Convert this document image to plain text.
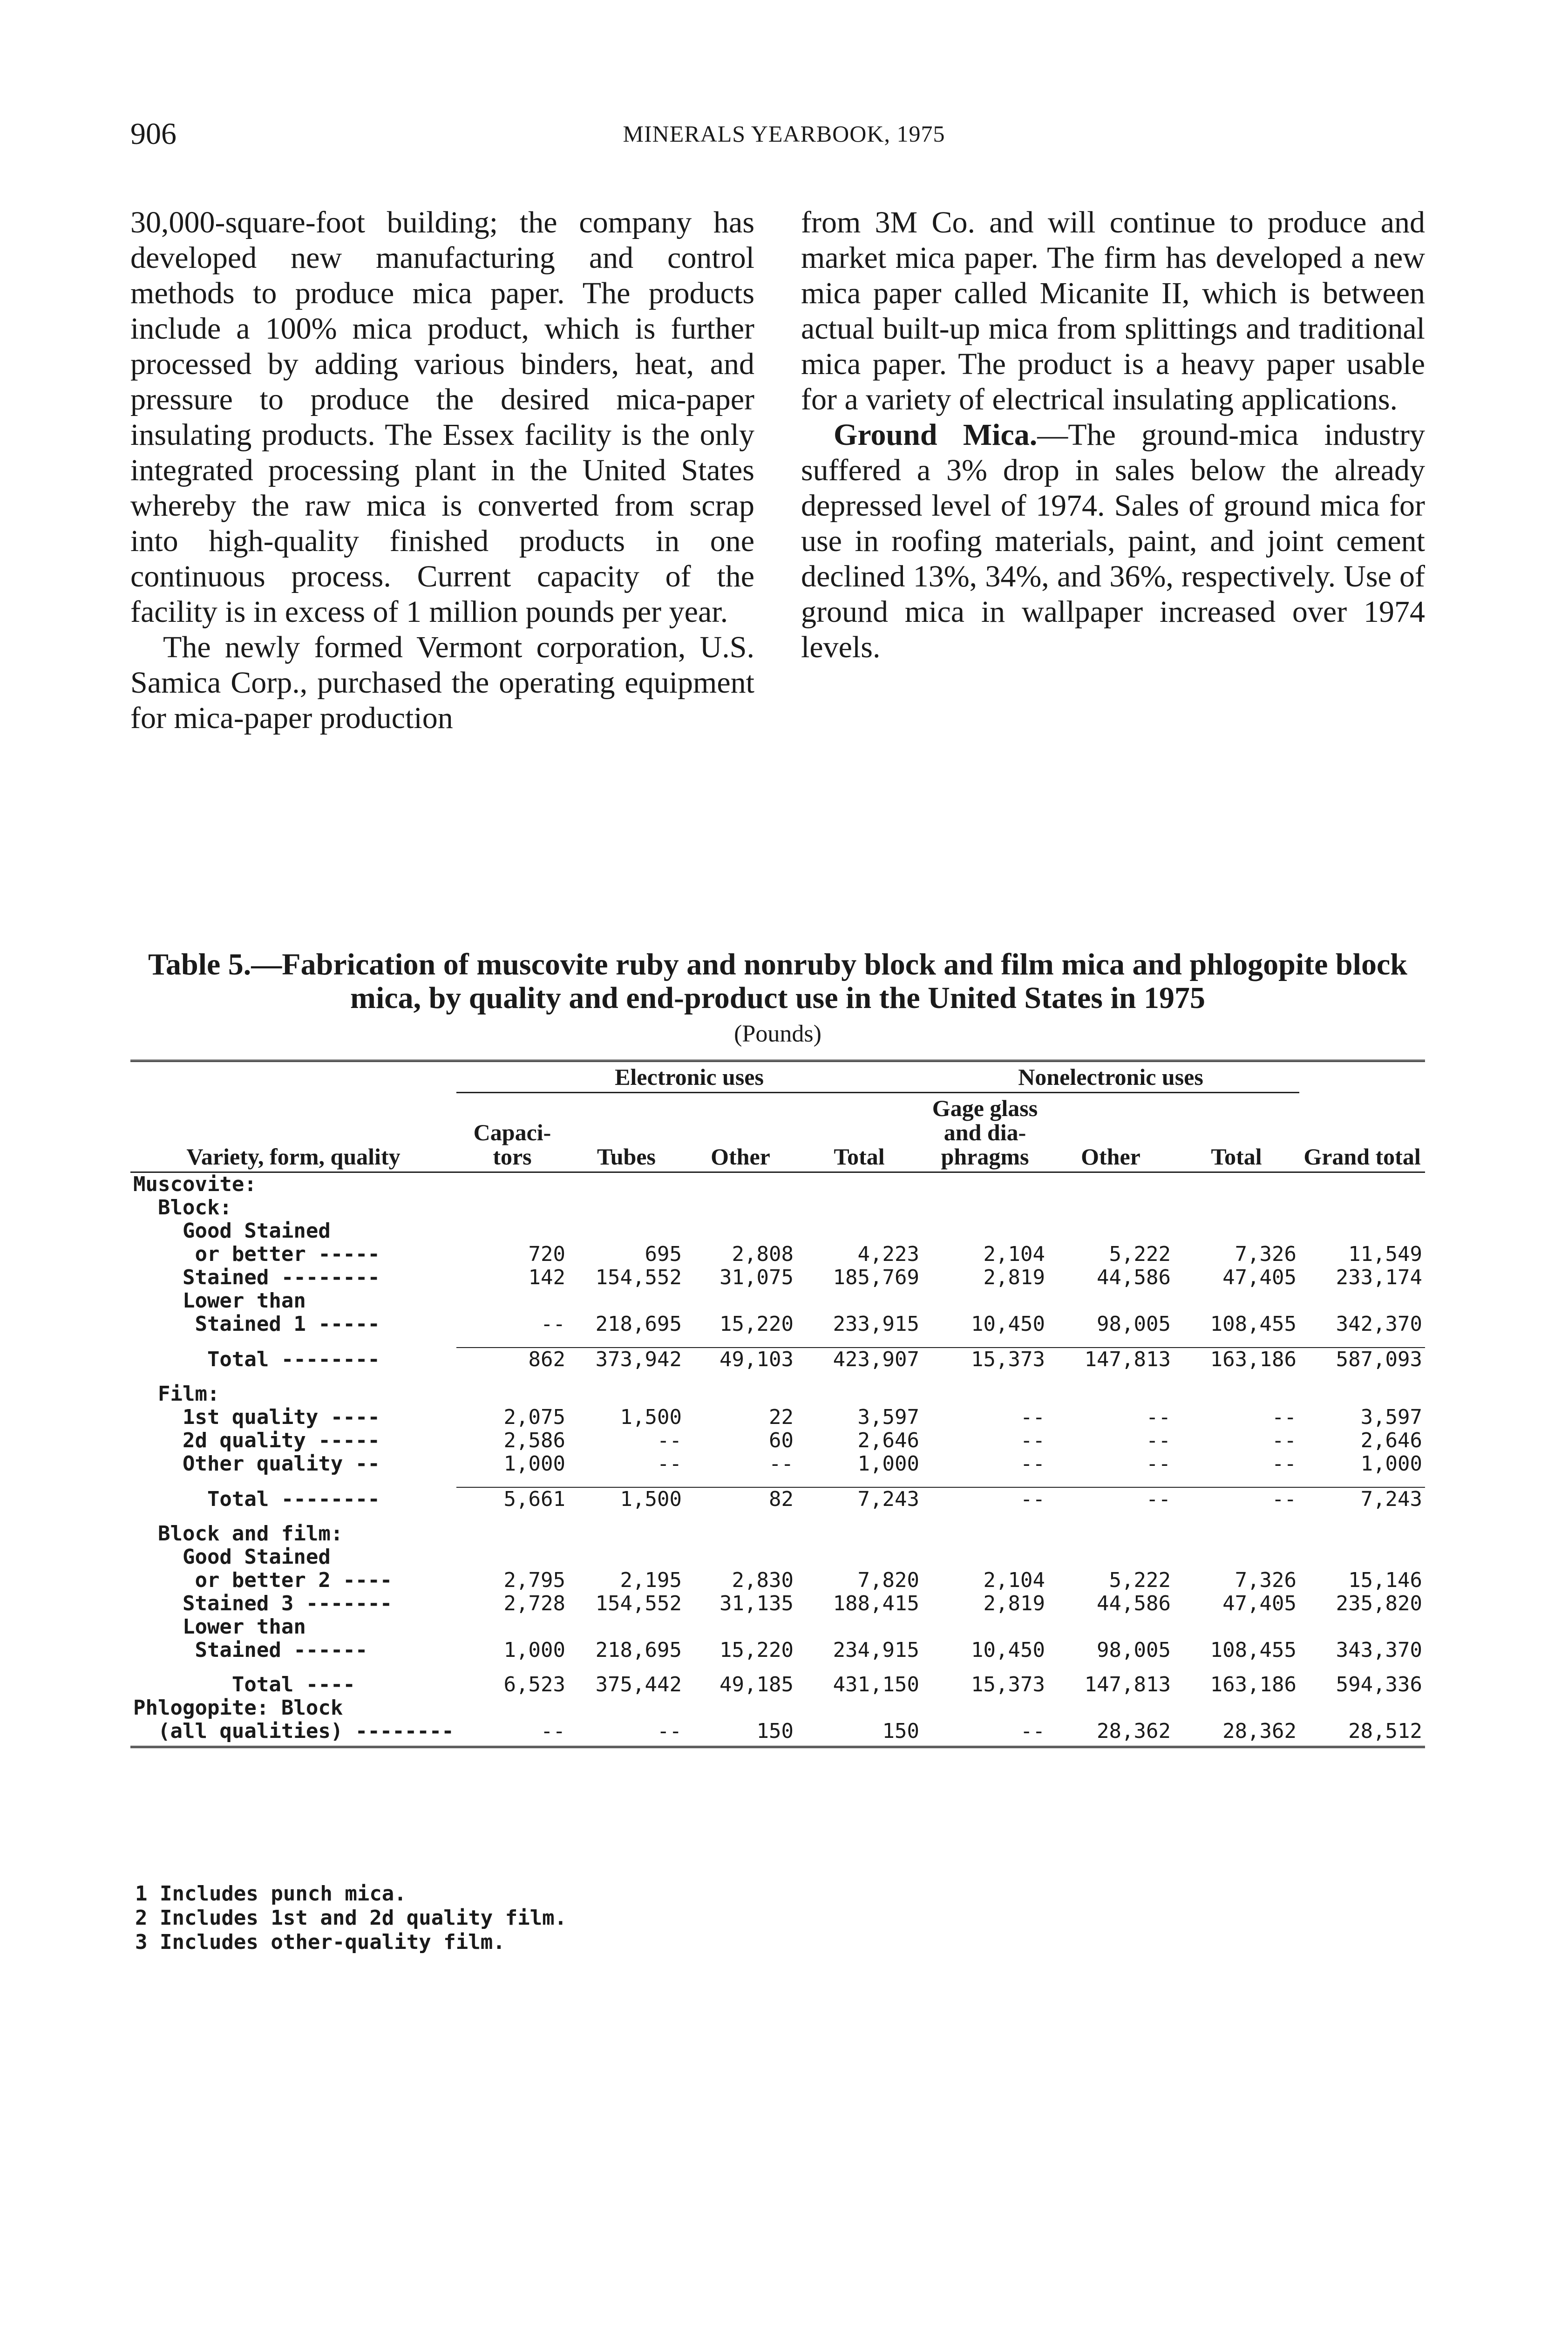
906	MINERALS YEARBOOK, 1975

30,000-square-foot building; the company has developed new manufacturing and control methods to produce mica paper. The products include a 100% mica product, which is further processed by adding various binders, heat, and pressure to produce the desired mica-paper insulating products. The Essex facility is the only integrated processing plant in the United States whereby the raw mica is converted from scrap into high-quality finished products in one continuous process. Current capacity of the facility is in excess of 1 million pounds per year.

The newly formed Vermont corporation, U.S. Samica Corp., purchased the operating equipment for mica-paper production

from 3M Co. and will continue to produce and market mica paper. The firm has developed a new mica paper called Micanite II, which is between actual built-up mica from splittings and traditional mica paper. The product is a heavy paper usable for a variety of electrical insulating applications.

Ground Mica.—The ground-mica industry suffered a 3% drop in sales below the already depressed level of 1974. Sales of ground mica for use in roofing materials, paint, and joint cement declined 13%, 34%, and 36%, respectively. Use of ground mica in wallpaper increased over 1974 levels.

Table 5.—Fabrication of muscovite ruby and nonruby block and film mica and phlogopite block mica, by quality and end-product use in the United States in 1975
(Pounds)
	Electronic uses				Nonelectronic uses			
Variety, form, quality	Capaci- tors	Tubes	Other	Total	Gage glass and dia- phragms	Other	Total	Grand total
Muscovite:								
Block:								
Good Stained								
or better -----	720	695	2,808	4,223	2,104	5,222	7,326	11,549
Stained --------	142	154,552	31,075	185,769	2,819	44,586	47,405	233,174
Lower than								
Stained 1 -----	--	218,695	15,220	233,915	10,450	98,005	108,455	342,370

Total --------	862	373,942	49,103	423,907	15,373	147,813	163,186	587,093

Film:								
1st quality ----	2,075	1,500	22	3,597	--	--	--	3,597
2d quality -----	2,586	--	60	2,646	--	--	--	2,646
Other quality --	1,000	--	--	1,000	--	--	--	1,000

Total --------	5,661	1,500	82	7,243	--	--	--	7,243

Block and film:								
Good Stained								
or better 2 ----	2,795	2,195	2,830	7,820	2,104	5,222	7,326	15,146
Stained 3 -------	2,728	154,552	31,135	188,415	2,819	44,586	47,405	235,820
Lower than								
Stained ------	1,000	218,695	15,220	234,915	10,450	98,005	108,455	343,370

Total ----	6,523	375,442	49,185	431,150	15,373	147,813	163,186	594,336
Phlogopite: Block								
(all qualities) --------	--	--	150	150	--	28,362	28,362	28,512
1 Includes punch mica.
2 Includes 1st and 2d quality film.
3 Includes other-quality film.
